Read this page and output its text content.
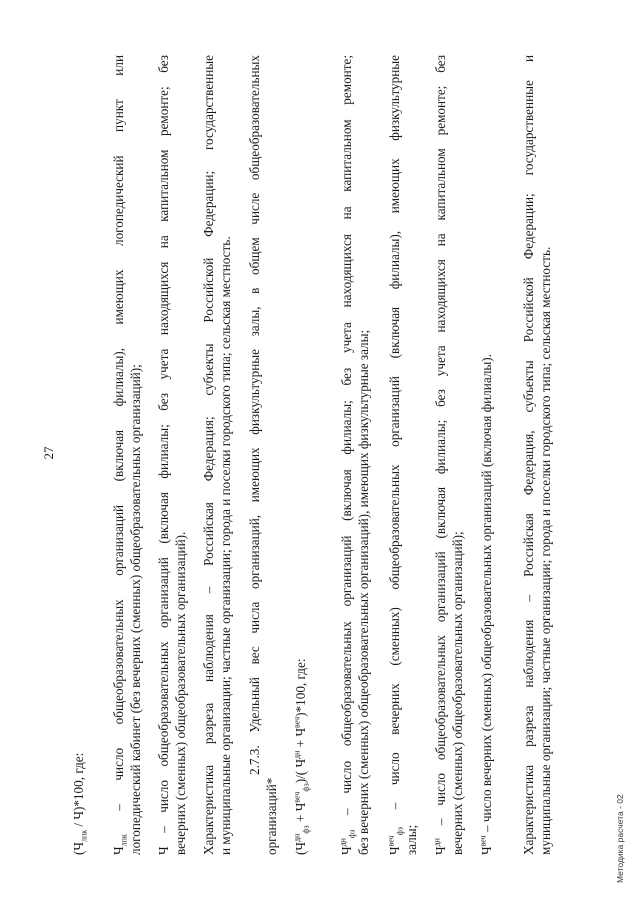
27
$(Ч_{лпк} / Ч)*100$, где:
$Ч_{лпк}$ – число общеобразовательных организаций (включая филиалы), имеющих логопедический пункт или логопедический кабинет (без вечерних (сменных) общеобразовательных организаций); Ч – число общеобразовательных организаций (включая филиалы; без учета находящихся на капитальном ремонте; без вечерних (сменных) общеобразовательных организаций). Характеристика разреза наблюдения – Российская Федерация; субъекты Российской Федерации; государственные и муниципальные организации; частные организации; города и поселки городского типа; сельская местность. 2.7.3. Удельный вес числа организаций, имеющих физкультурные залы, в общем числе общеобразовательных
организаций* $(Ч^{дн}_{фз} + Ч^{веч}_{фз})/$( $Ч^{дн} + Ч^{веч})*100$, где:
$Ч^{дн}_{фз}$ – число общеобразовательных организаций (включая филиалы; без учета находящихся на капитальном ремонте; без вечерних (сменных) общеобразовательных организаций), имеющих физкультурные залы; $Ч^{веч}_{фз}$ – число вечерних (сменных) общеобразовательных организаций (включая филиалы), имеющих физкультурные
залы; $Ч^{дн}$ – число общеобразовательных организаций (включая филиалы; без учета находящихся на капитальном ремонте; без вечерних (сменных) общеобразовательных организаций); $Ч^{веч}$ – число вечерних (сменных) общеобразовательных организаций (включая филиалы). Характеристика разреза наблюдения – Российская Федерация, субъекты Российской Федерации; государственные и муниципальные организации; частные организации; города и поселки городского типа; сельская местность.	Методика расчета - 02
